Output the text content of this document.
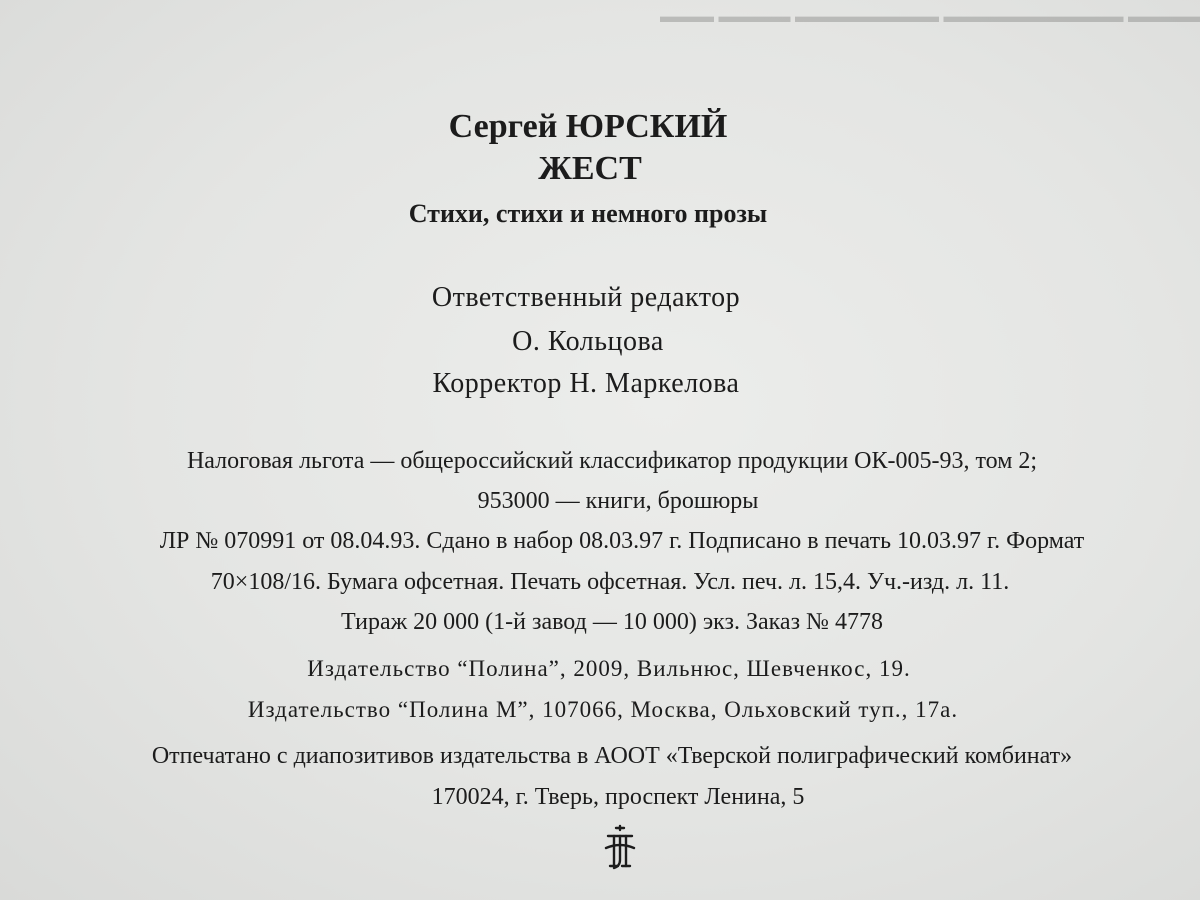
▬▬▬▬ ▬▬▬▬▬▬▬▬▬▬ ▬▬▬▬▬▬▬▬ ▬▬▬▬ ▬▬▬
Сергей ЮРСКИЙ
ЖЕСТ
Стихи, стихи и немного прозы
Ответственный редактор
О. Кольцова
Корректор Н. Маркелова
Налоговая льгота — общероссийский классификатор продукции ОК-005-93, том 2;
953000 — книги, брошюры
ЛР № 070991 от 08.04.93. Сдано в набор 08.03.97 г. Подписано в печать 10.03.97 г. Формат
70×108/16. Бумага офсетная. Печать офсетная. Усл. печ. л. 15,4. Уч.-изд. л. 11.
Тираж 20 000 (1-й завод — 10 000) экз. Заказ № 4778
Издательство “Полина”, 2009, Вильнюс, Шевченкос, 19.
Издательство “Полина М”, 107066, Москва, Ольховский туп., 17а.
Отпечатано с диапозитивов издательства в АООТ «Тверской полиграфический комбинат»
170024, г. Тверь, проспект Ленина, 5
